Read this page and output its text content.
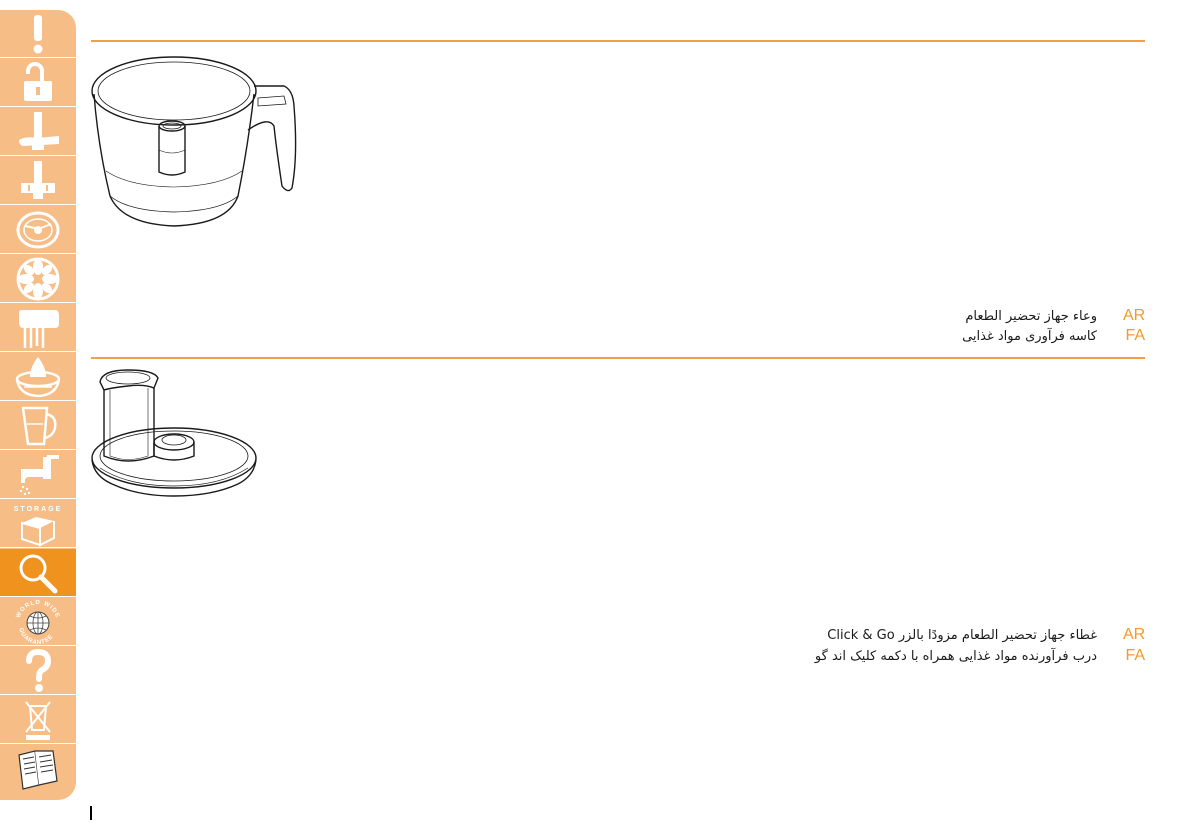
STORAGE
WORLD WIDE
GUARANTEE
وعاء جهاز تحضير الطعام AR
کاسه فرآوری مواد غذایی FA
غطاء جهاز تحضير الطعام مزودًا بالزر Click & Go AR
درب فرآورنده مواد غذایی همراه با دکمه کلیک اند گو FA
